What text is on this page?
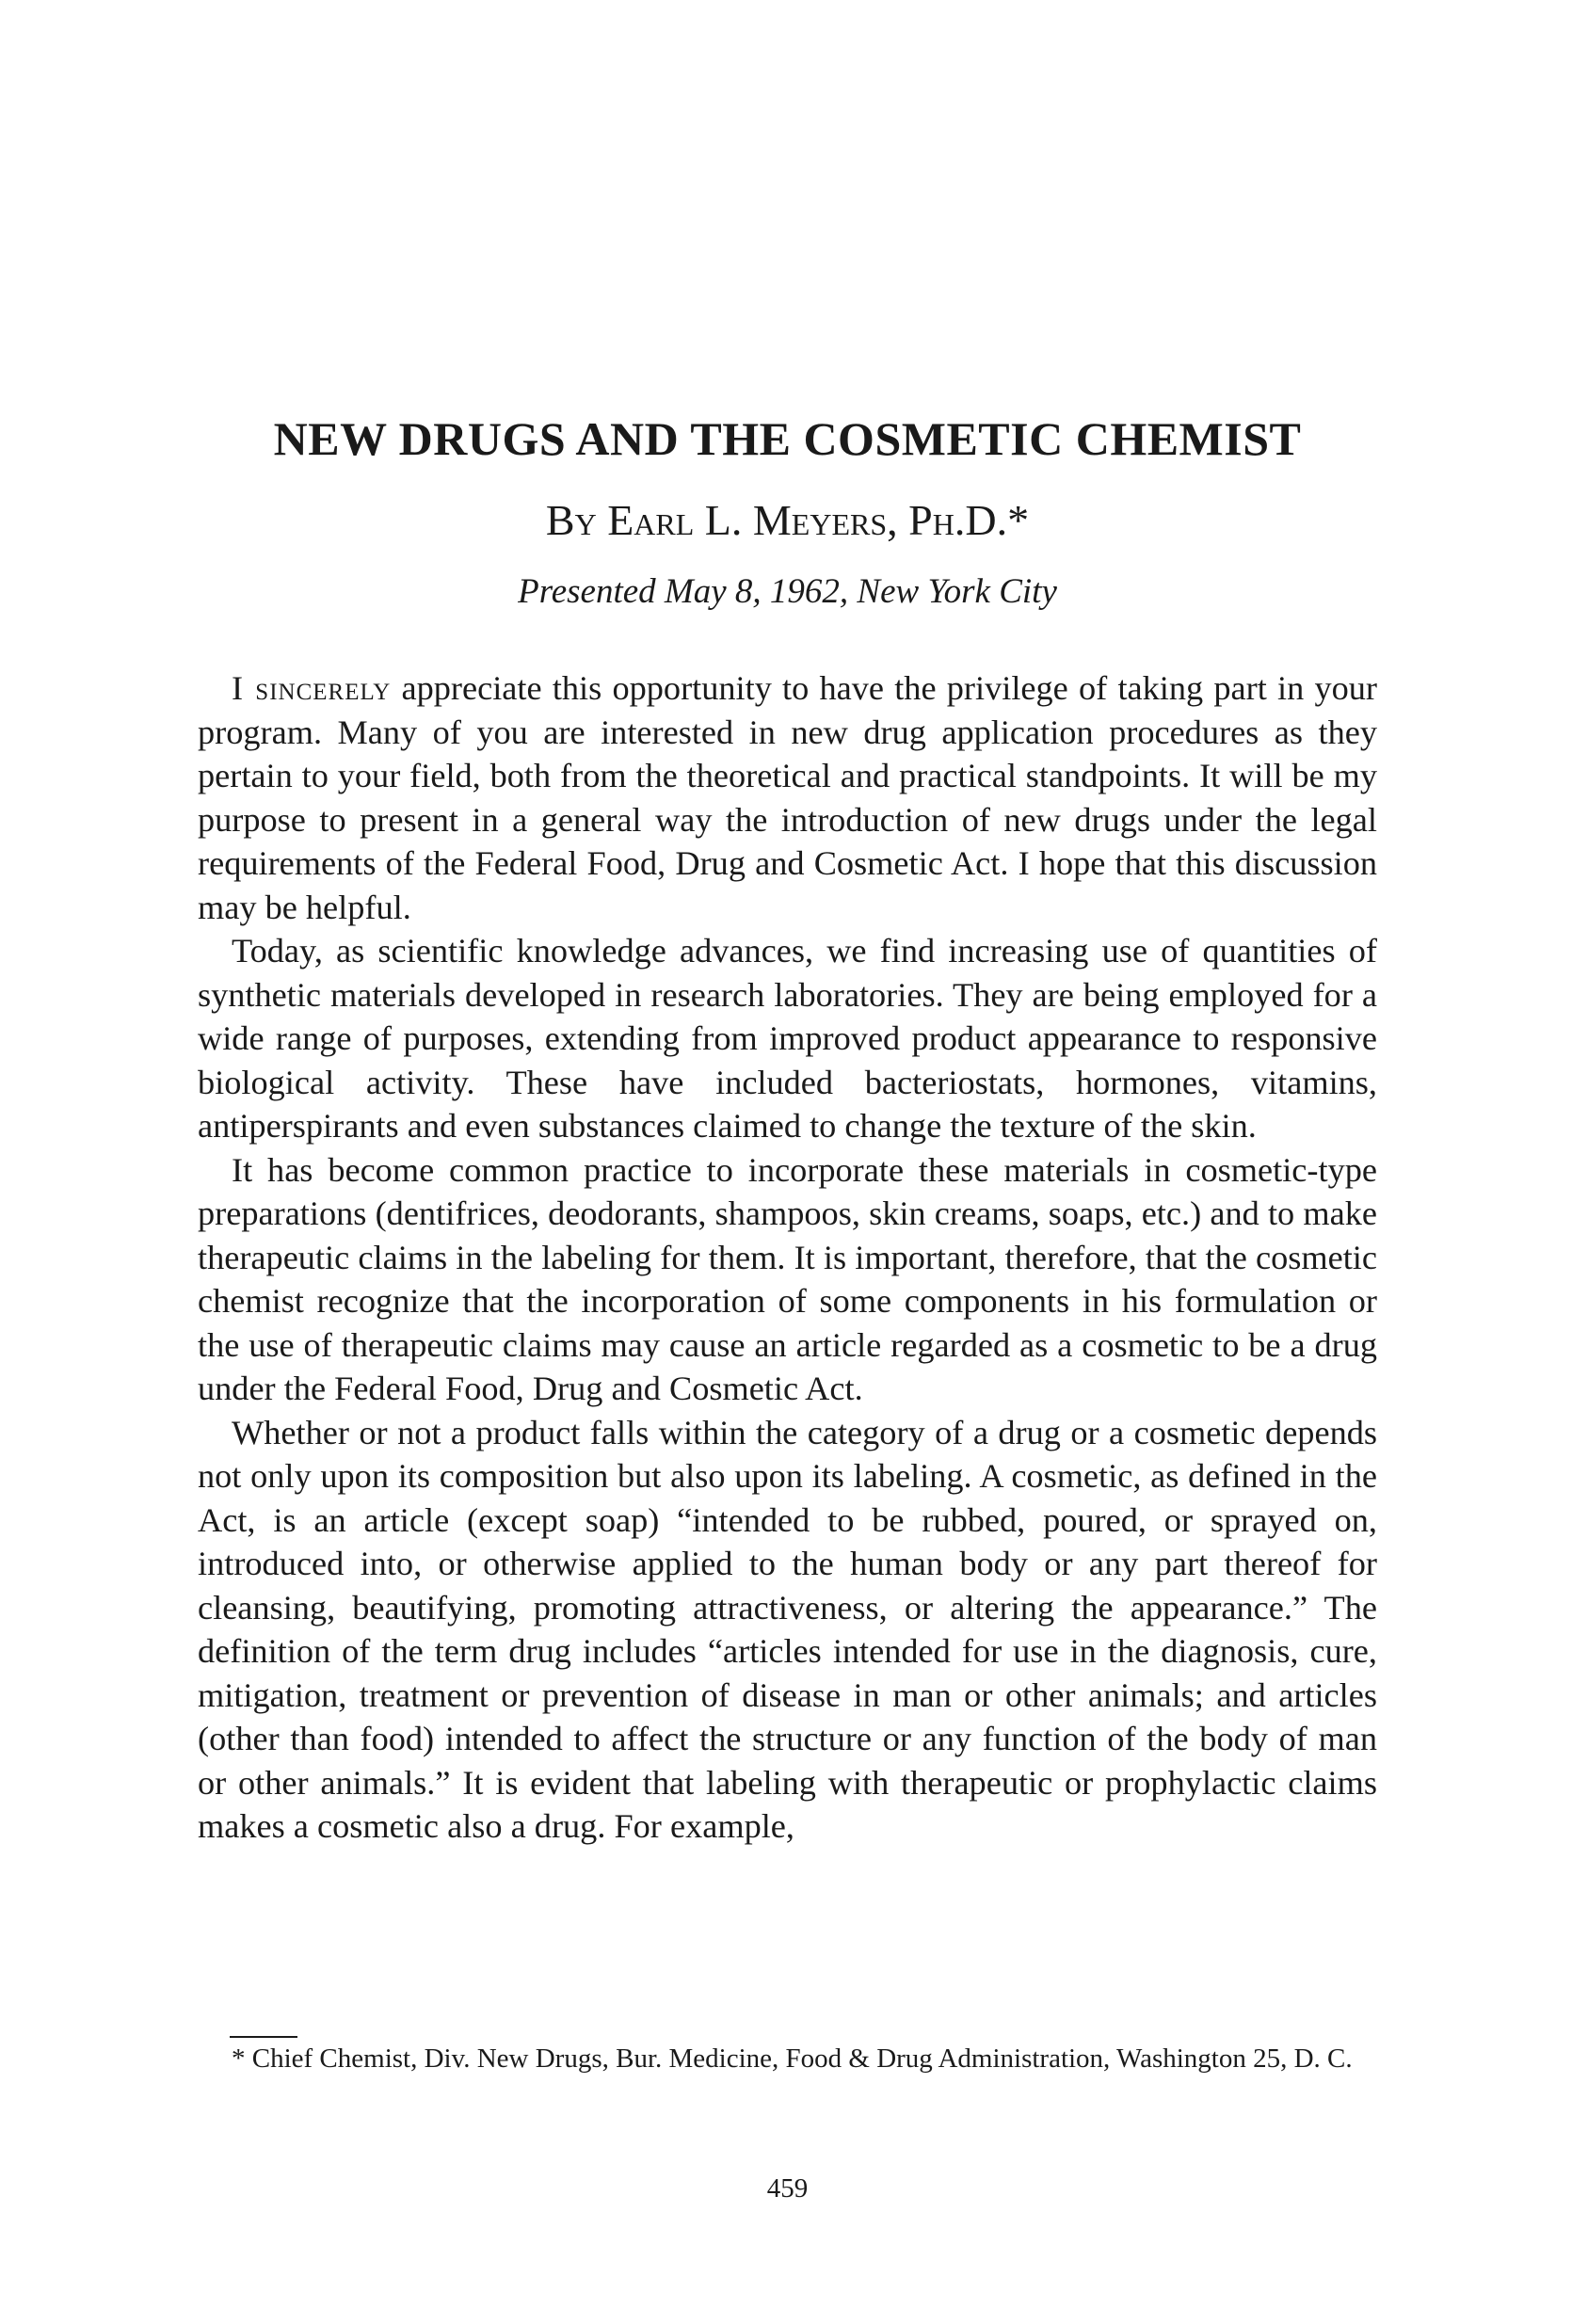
NEW DRUGS AND THE COSMETIC CHEMIST

By Earl L. Meyers, Ph.D.*

Presented May 8, 1962, New York City

I sincerely appreciate this opportunity to have the privilege of taking part in your program. Many of you are interested in new drug application procedures as they pertain to your field, both from the theoretical and practical standpoints. It will be my purpose to present in a general way the introduction of new drugs under the legal requirements of the Federal Food, Drug and Cosmetic Act. I hope that this discussion may be helpful.

Today, as scientific knowledge advances, we find increasing use of quantities of synthetic materials developed in research laboratories. They are being employed for a wide range of purposes, extending from improved product appearance to responsive biological activity. These have included bacteriostats, hormones, vitamins, antiperspirants and even substances claimed to change the texture of the skin.

It has become common practice to incorporate these materials in cosmetic-type preparations (dentifrices, deodorants, shampoos, skin creams, soaps, etc.) and to make therapeutic claims in the labeling for them. It is important, therefore, that the cosmetic chemist recognize that the incorporation of some components in his formulation or the use of therapeutic claims may cause an article regarded as a cosmetic to be a drug under the Federal Food, Drug and Cosmetic Act.

Whether or not a product falls within the category of a drug or a cosmetic depends not only upon its composition but also upon its labeling. A cosmetic, as defined in the Act, is an article (except soap) “intended to be rubbed, poured, or sprayed on, introduced into, or otherwise applied to the human body or any part thereof for cleansing, beautifying, promoting attractiveness, or altering the appearance.” The definition of the term drug includes “articles intended for use in the diagnosis, cure, mitigation, treatment or prevention of disease in man or other animals; and articles (other than food) intended to affect the structure or any function of the body of man or other animals.” It is evident that labeling with therapeutic or prophylactic claims makes a cosmetic also a drug. For example,

* Chief Chemist, Div. New Drugs, Bur. Medicine, Food & Drug Administration, Washington 25, D. C.

459
